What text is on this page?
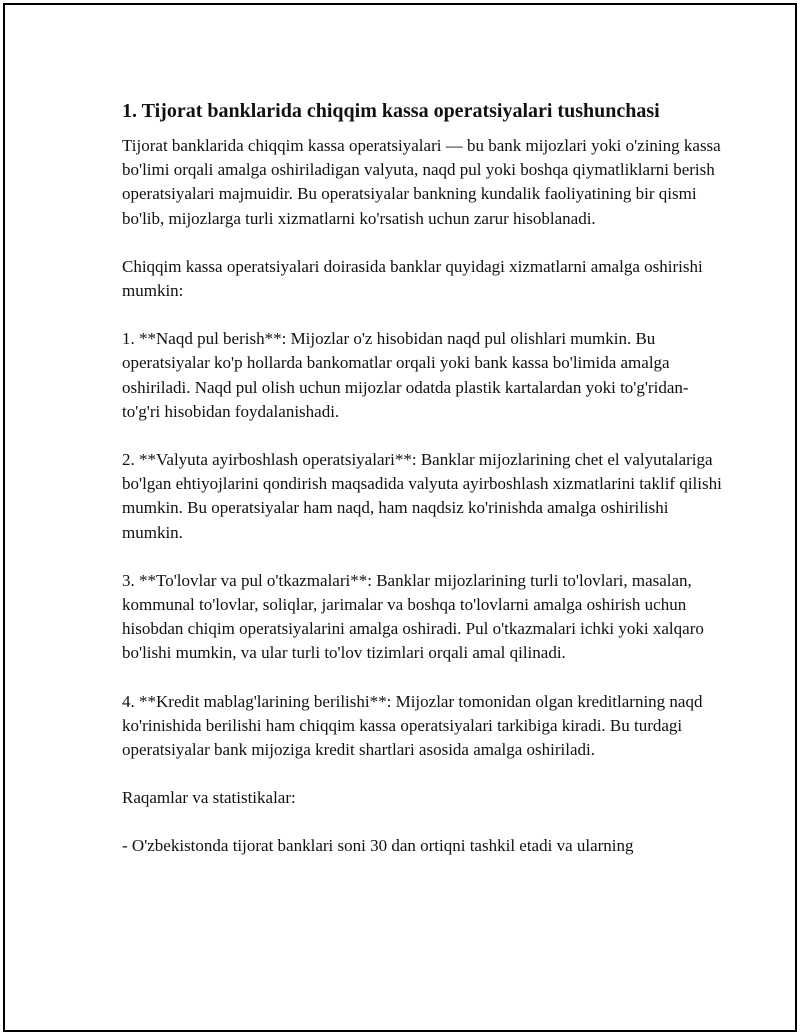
1. Tijorat banklarida chiqqim kassa operatsiyalari tushunchasi

Tijorat banklarida chiqqim kassa operatsiyalari — bu bank mijozlari yoki o'zining kassa bo'limi orqali amalga oshiriladigan valyuta, naqd pul yoki boshqa qiymatliklarni berish operatsiyalari majmuidir. Bu operatsiyalar bankning kundalik faoliyatining bir qismi bo'lib, mijozlarga turli xizmatlarni ko'rsatish uchun zarur hisoblanadi.

Chiqqim kassa operatsiyalari doirasida banklar quyidagi xizmatlarni amalga oshirishi mumkin:

1. **Naqd pul berish**: Mijozlar o'z hisobidan naqd pul olishlari mumkin. Bu operatsiyalar ko'p hollarda bankomatlar orqali yoki bank kassa bo'limida amalga oshiriladi. Naqd pul olish uchun mijozlar odatda plastik kartalardan yoki to'g'ridan-to'g'ri hisobidan foydalanishadi.

2. **Valyuta ayirboshlash operatsiyalari**: Banklar mijozlarining chet el valyutalariga bo'lgan ehtiyojlarini qondirish maqsadida valyuta ayirboshlash xizmatlarini taklif qilishi mumkin. Bu operatsiyalar ham naqd, ham naqdsiz ko'rinishda amalga oshirilishi mumkin.

3. **To'lovlar va pul o'tkazmalari**: Banklar mijozlarining turli to'lovlari, masalan, kommunal to'lovlar, soliqlar, jarimalar va boshqa to'lovlarni amalga oshirish uchun hisobdan chiqim operatsiyalarini amalga oshiradi. Pul o'tkazmalari ichki yoki xalqaro bo'lishi mumkin, va ular turli to'lov tizimlari orqali amal qilinadi.

4. **Kredit mablag'larining berilishi**: Mijozlar tomonidan olgan kreditlarning naqd ko'rinishida berilishi ham chiqqim kassa operatsiyalari tarkibiga kiradi. Bu turdagi operatsiyalar bank mijoziga kredit shartlari asosida amalga oshiriladi.

Raqamlar va statistikalar:

- O'zbekistonda tijorat banklari soni 30 dan ortiqni tashkil etadi va ularning
